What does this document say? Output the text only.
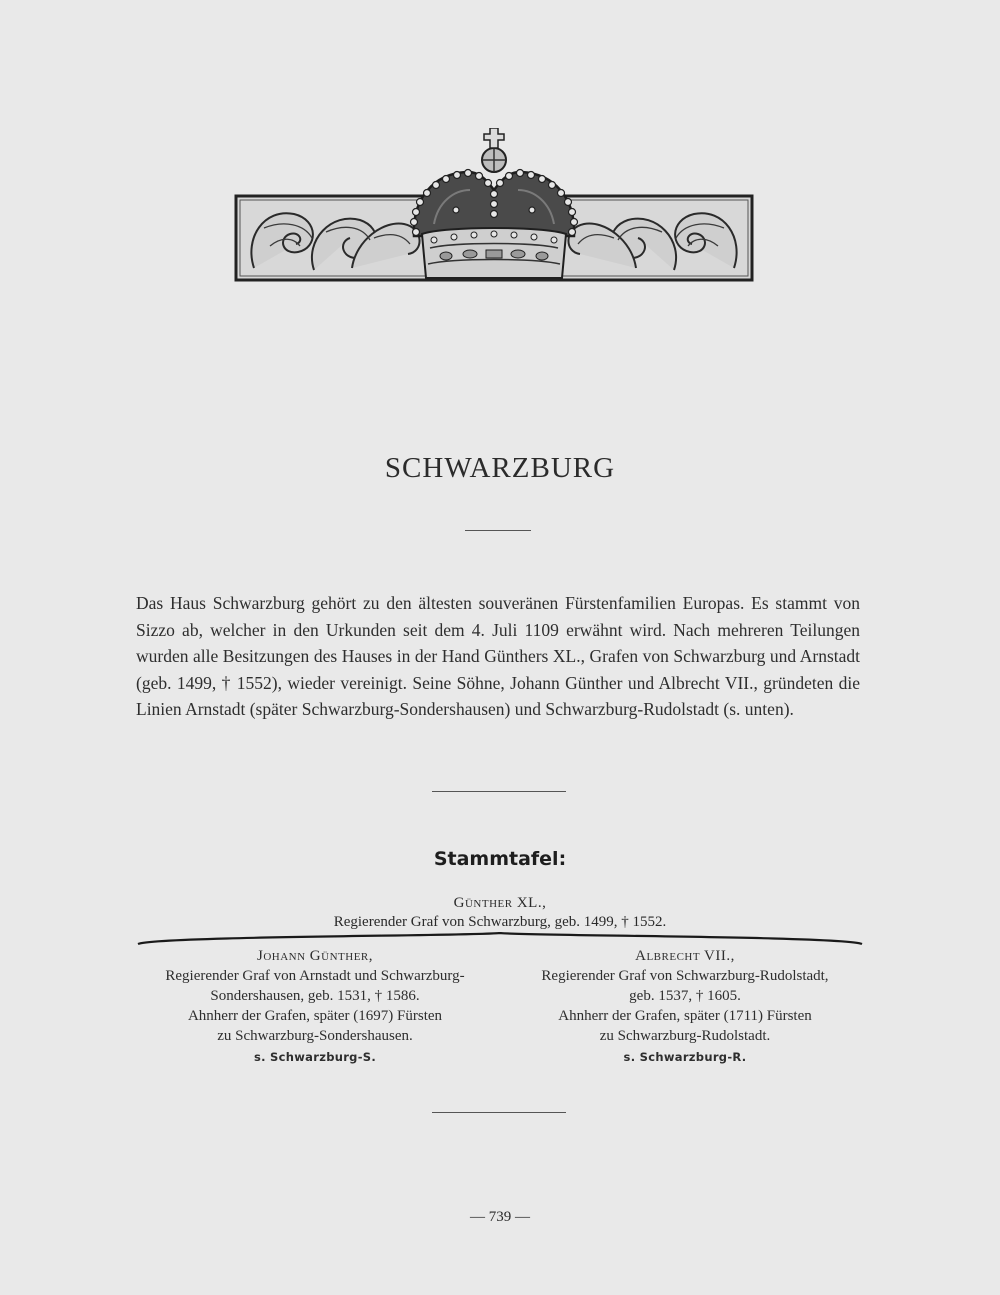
SCHWARZBURG

Das Haus Schwarzburg gehört zu den ältesten souveränen Fürstenfamilien Europas. Es stammt von Sizzo ab, welcher in den Urkunden seit dem 4. Juli 1109 erwähnt wird. Nach mehreren Teilungen wurden alle Besitzungen des Hauses in der Hand Günthers XL., Grafen von Schwarzburg und Arnstadt (geb. 1499, † 1552), wieder vereinigt. Seine Söhne, Johann Günther und Albrecht VII., gründeten die Linien Arnstadt (später Schwarzburg-Sondershausen) und Schwarzburg-Rudolstadt (s. unten).

Stammtafel:
Günther XL.,
Regierender Graf von Schwarzburg, geb. 1499, † 1552.
Johann Günther,
Regierender Graf von Arnstadt und Schwarzburg-
Sondershausen, geb. 1531, † 1586.
Ahnherr der Grafen, später (1697) Fürsten
zu Schwarzburg-Sondershausen.
s. Schwarzburg-S.
Albrecht VII.,
Regierender Graf von Schwarzburg-Rudolstadt,
geb. 1537, † 1605.
Ahnherr der Grafen, später (1711) Fürsten
zu Schwarzburg-Rudolstadt.
s. Schwarzburg-R.
— 739 —
